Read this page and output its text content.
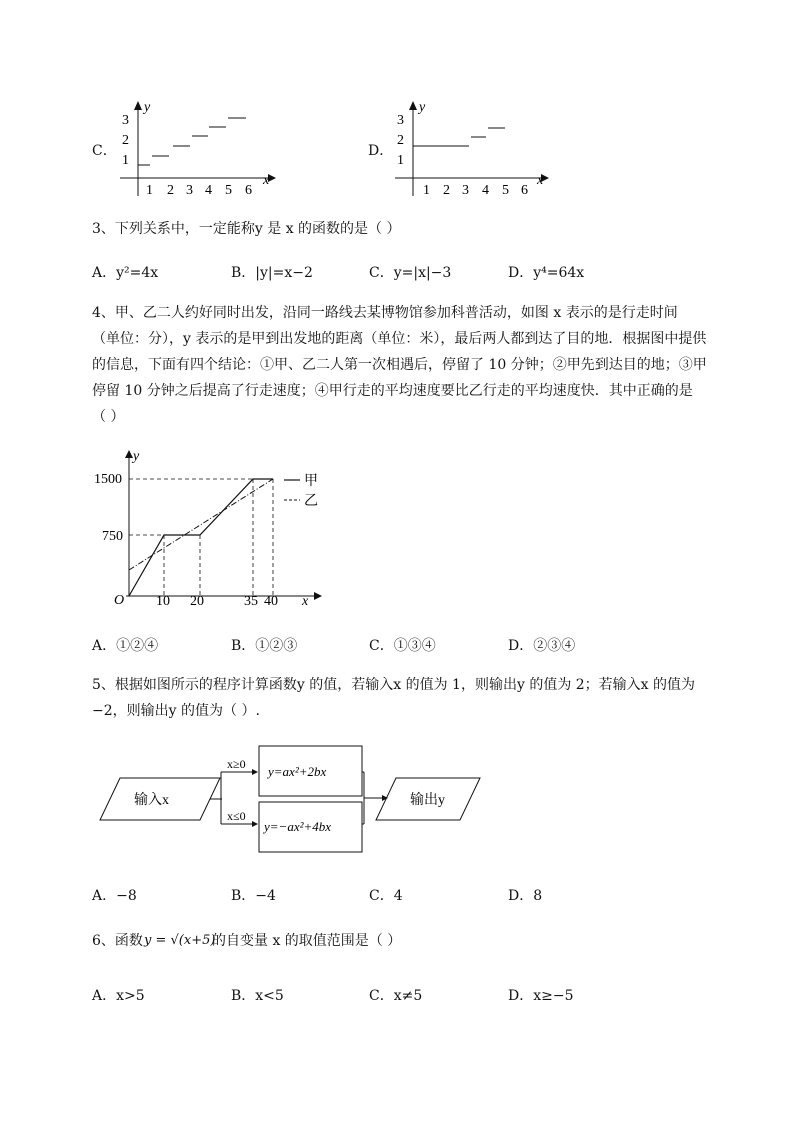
C．
y
x
1
2
3
1 2 3 4 5 6
D．
y
x
1
2
3
1 2 3 4 5 6
3、下列关系中，一定能称y 是 x 的函数的是（ ）
A．y²=4x	B．|y|=x−2	C．y=|x|−3	D．y⁴=64x
4、甲、乙二人约好同时出发，沿同一路线去某博物馆参加科普活动，如图 x 表示的是行走时间
（单位：分），y 表示的是甲到出发地的距离（单位：米），最后两人都到达了目的地．根据图中提供
的信息，下面有四个结论：①甲、乙二人第一次相遇后，停留了 10 分钟；②甲先到达目的地；③甲
停留 10 分钟之后提高了行走速度；④甲行走的平均速度要比乙行走的平均速度快．其中正确的是
（ ）
y
x
O
1500
750
10 20	35 40
甲
乙
A．①②④	B．①②③	C．①③④	D．②③④
5、根据如图所示的程序计算函数y 的值，若输入x 的值为 1，则输出y 的值为 2；若输入x 的值为
−2，则输出y 的值为（ ）.
输入x
x≥0
x≤0
y=ax²+2bx
y=−ax²+4bx
输出y
A．−8	B．−4	C．4	D．8
6、函数 y = √(x+5)
的自变量 x 的取值范围是（ ）
A．x>5	B．x<5	C．x≠5	D．x≥−5
